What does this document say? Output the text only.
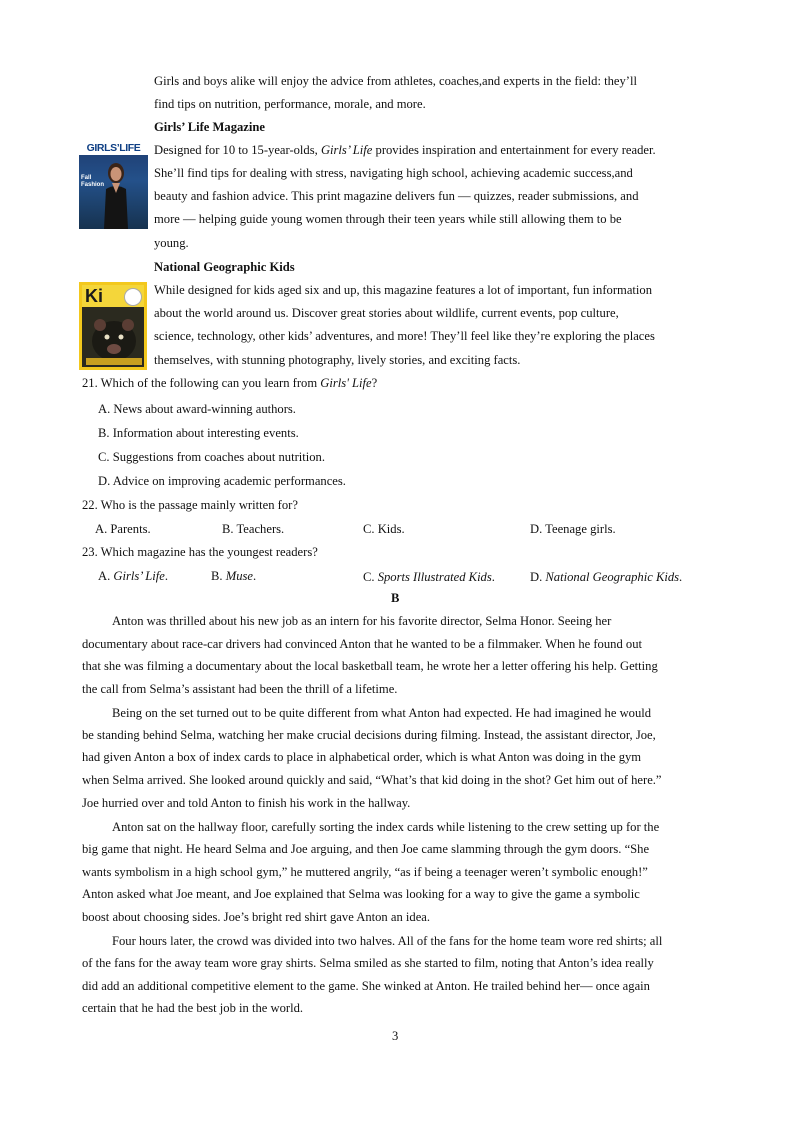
Girls and boys alike will enjoy the advice from athletes, coaches,and experts in the field: they’ll
find tips on nutrition, performance, morale, and more.
Girls’ Life Magazine
GIRLS’LIFE
Fall
Fashion
Designed for 10 to 15-year-olds, Girls’ Life provides inspiration and entertainment for every reader.
She’ll find tips for dealing with stress, navigating high school, achieving academic success,and
beauty and fashion advice. This print magazine delivers fun — quizzes, reader submissions, and
more — helping guide young women through their teen years while still allowing them to be
young.
National Geographic Kids
Ki	While designed for kids aged six and up, this magazine features a lot of important, fun information
about the world around us. Discover great stories about wildlife, current events, pop culture,
science, technology, other kids’ adventures, and more! They’ll feel like they’re exploring the places
themselves, with stunning photography, lively stories, and exciting facts.
21. Which of the following can you learn from Girls' Life?
A. News about award-winning authors.
B. Information about interesting events.
C. Suggestions from coaches about nutrition.
D. Advice on improving academic performances.
22. Who is the passage mainly written for?
A. Parents.	B. Teachers.	C. Kids.	D. Teenage girls.
23. Which magazine has the youngest readers?
A. Girls’ Life.	B. Muse.	C. Sports Illustrated Kids.	D. National Geographic Kids.
B
Anton was thrilled about his new job as an intern for his favorite director, Selma Honor. Seeing her
documentary about race-car drivers had convinced Anton that he wanted to be a filmmaker. When he found out
that she was filming a documentary about the local basketball team, he wrote her a letter offering his help. Getting
the call from Selma’s assistant had been the thrill of a lifetime.
Being on the set turned out to be quite different from what Anton had expected. He had imagined he would
be standing behind Selma, watching her make crucial decisions during filming. Instead, the assistant director, Joe,
had given Anton a box of index cards to place in alphabetical order, which is what Anton was doing in the gym
when Selma arrived. She looked around quickly and said, “What’s that kid doing in the shot? Get him out of here.”
Joe hurried over and told Anton to finish his work in the hallway.
Anton sat on the hallway floor, carefully sorting the index cards while listening to the crew setting up for the
big game that night. He heard Selma and Joe arguing, and then Joe came slamming through the gym doors. “She
wants symbolism in a high school gym,” he muttered angrily, “as if being a teenager weren’t symbolic enough!”
Anton asked what Joe meant, and Joe explained that Selma was looking for a way to give the game a symbolic
boost about choosing sides. Joe’s bright red shirt gave Anton an idea.
Four hours later, the crowd was divided into two halves. All of the fans for the home team wore red shirts; all
of the fans for the away team wore gray shirts. Selma smiled as she started to film, noting that Anton’s idea really
did add an additional competitive element to the game. She winked at Anton. He trailed behind her— once again
certain that he had the best job in the world.
3
